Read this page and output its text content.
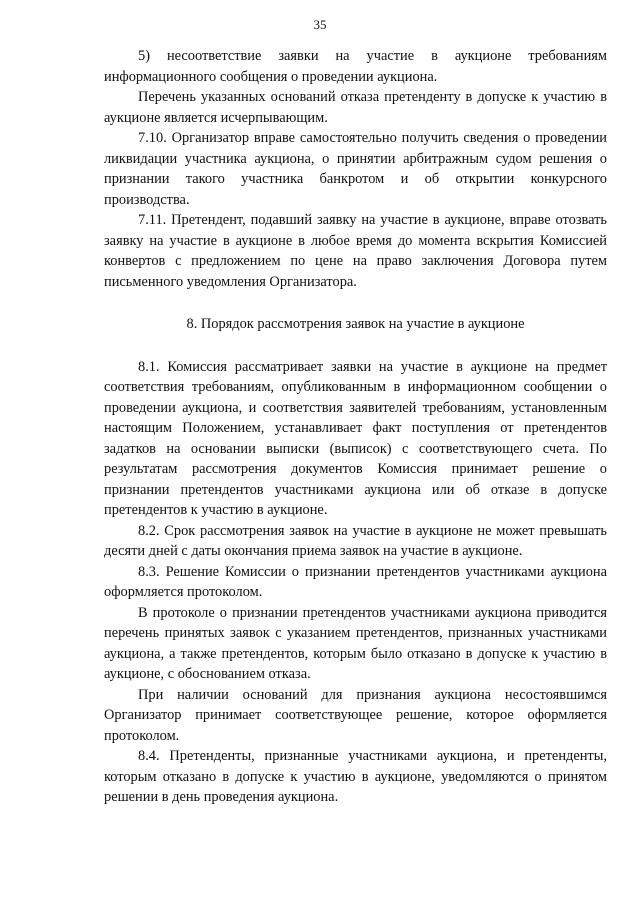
35

5) несоответствие заявки на участие в аукционе требованиям информационного сообщения о проведении аукциона.

Перечень указанных оснований отказа претенденту в допуске к участию в аукционе является исчерпывающим.

7.10. Организатор вправе самостоятельно получить сведения о проведении ликвидации участника аукциона, о принятии арбитражным судом решения о признании такого участника банкротом и об открытии конкурсного производства.

7.11. Претендент, подавший заявку на участие в аукционе, вправе отозвать заявку на участие в аукционе в любое время до момента вскрытия Комиссией конвертов с предложением по цене на право заключения Договора путем письменного уведомления Организатора.

8. Порядок рассмотрения заявок на участие в аукционе

8.1. Комиссия рассматривает заявки на участие в аукционе на предмет соответствия требованиям, опубликованным в информационном сообщении о проведении аукциона, и соответствия заявителей требованиям, установленным настоящим Положением, устанавливает факт поступления от претендентов задатков на основании выписки (выписок) с соответствующего счета. По результатам рассмотрения документов Комиссия принимает решение о признании претендентов участниками аукциона или об отказе в допуске претендентов к участию в аукционе.

8.2. Срок рассмотрения заявок на участие в аукционе не может превышать десяти дней с даты окончания приема заявок на участие в аукционе.

8.3. Решение Комиссии о признании претендентов участниками аукциона оформляется протоколом.

В протоколе о признании претендентов участниками аукциона приводится перечень принятых заявок с указанием претендентов, признанных участниками аукциона, а также претендентов, которым было отказано в допуске к участию в аукционе, с обоснованием отказа.

При наличии оснований для признания аукциона несостоявшимся Организатор принимает соответствующее решение, которое оформляется протоколом.

8.4. Претенденты, признанные участниками аукциона, и претенденты, которым отказано в допуске к участию в аукционе, уведомляются о принятом решении в день проведения аукциона.
